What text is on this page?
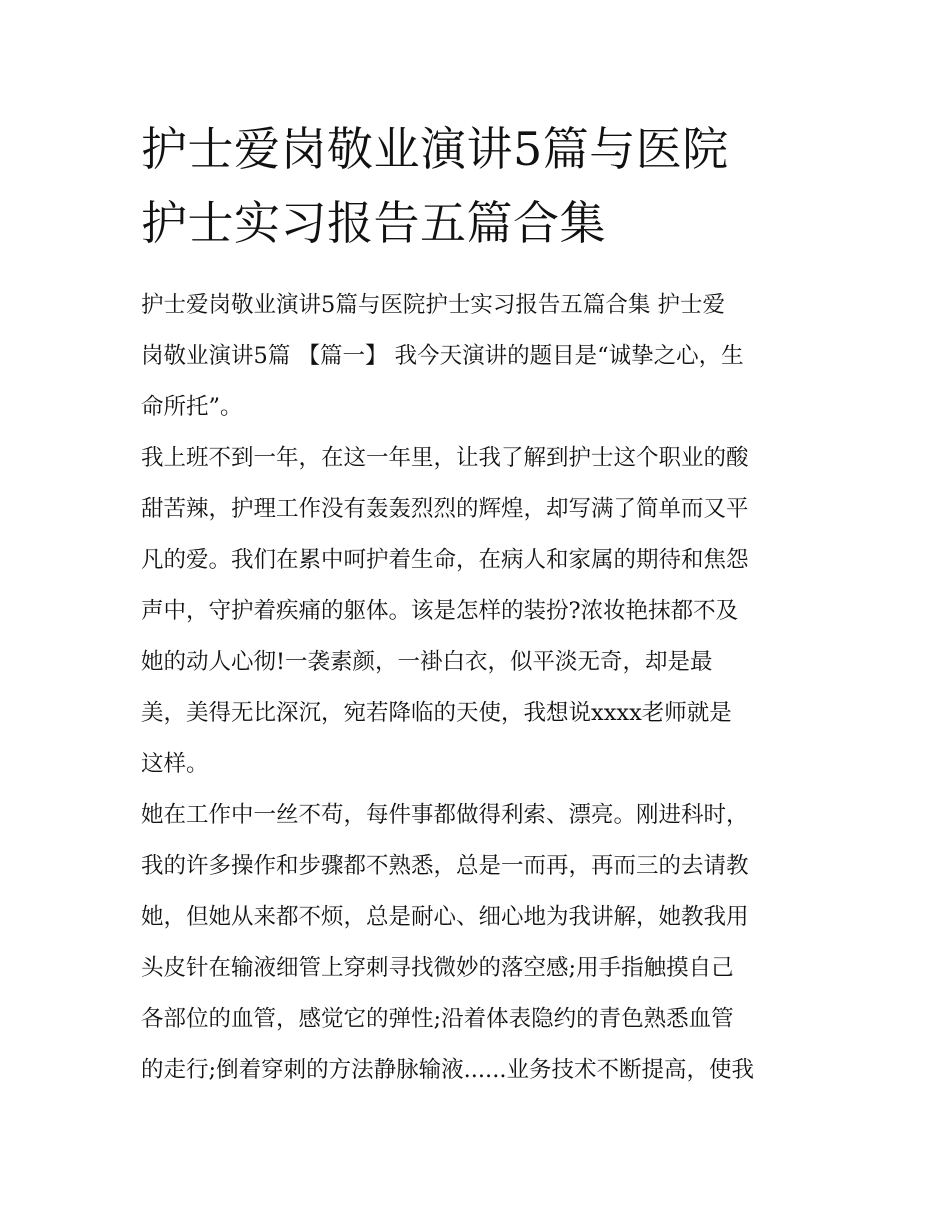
护士爱岗敬业演讲5篇与医院
护士实习报告五篇合集

护士爱岗敬业演讲5篇与医院护士实习报告五篇合集 护士爱
岗敬业演讲5篇 【篇一】 我今天演讲的题目是“诚挚之心，生
命所托”。

我上班不到一年，在这一年里，让我了解到护士这个职业的酸
甜苦辣，护理工作没有轰轰烈烈的辉煌，却写满了简单而又平
凡的爱。我们在累中呵护着生命，在病人和家属的期待和焦怨
声中，守护着疾痛的躯体。该是怎样的装扮?浓妆艳抹都不及
她的动人心彻!一袭素颜，一褂白衣，似平淡无奇，却是最
美，美得无比深沉，宛若降临的天使，我想说xxxx老师就是
这样。

她在工作中一丝不苟，每件事都做得利索、漂亮。刚进科时，
我的许多操作和步骤都不熟悉，总是一而再，再而三的去请教
她，但她从来都不烦，总是耐心、细心地为我讲解，她教我用
头皮针在输液细管上穿刺寻找微妙的落空感;用手指触摸自己
各部位的血管，感觉它的弹性;沿着体表隐约的青色熟悉血管
的走行;倒着穿刺的方法静脉输液......业务技术不断提高，使我
